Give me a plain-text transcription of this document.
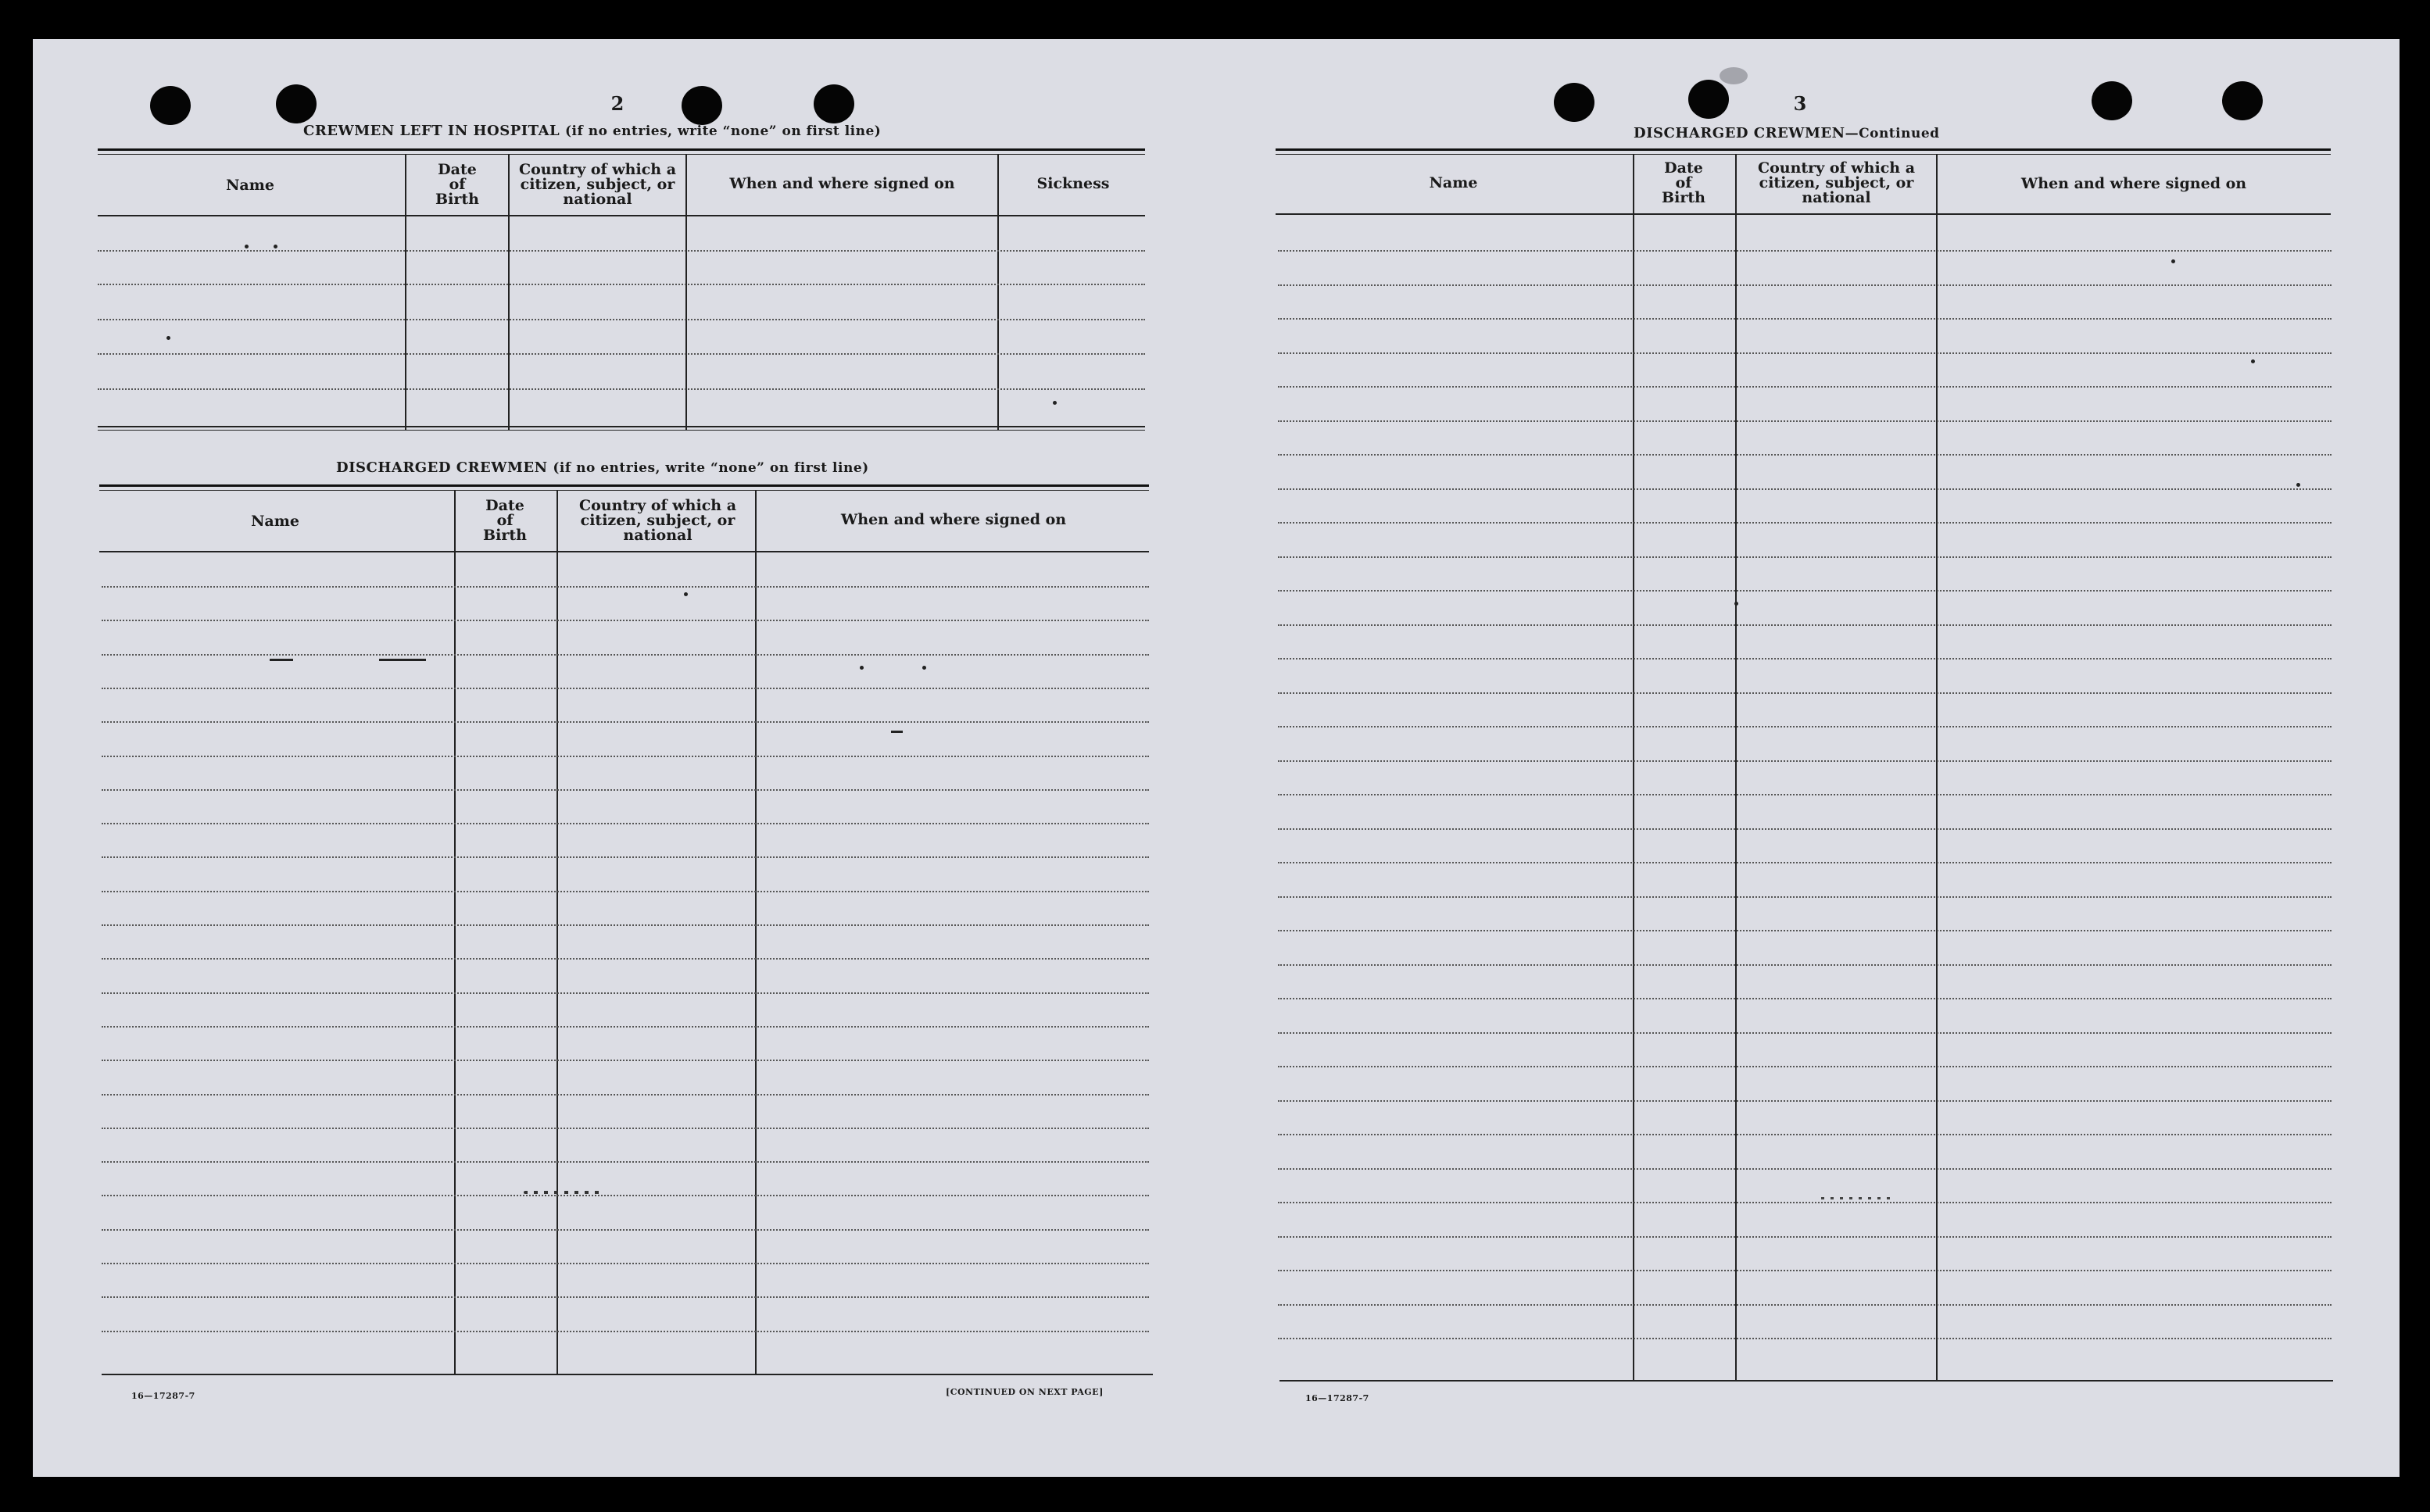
2
CREWMEN LEFT IN HOSPITAL (if no entries, write “none” on first line)
Name
Date
of
Birth
Country of which a
citizen, subject, or
national
When and where signed on	Sickness
DISCHARGED CREWMEN (if no entries, write “none” on first line)
Name
Date
of
Birth
Country of which a
citizen, subject, or
national
When and where signed on
16—17287-7	[CONTINUED ON NEXT PAGE]
3
DISCHARGED CREWMEN—Continued
Name
Date
of
Birth
Country of which a
citizen, subject, or
national
When and where signed on
16—17287-7
